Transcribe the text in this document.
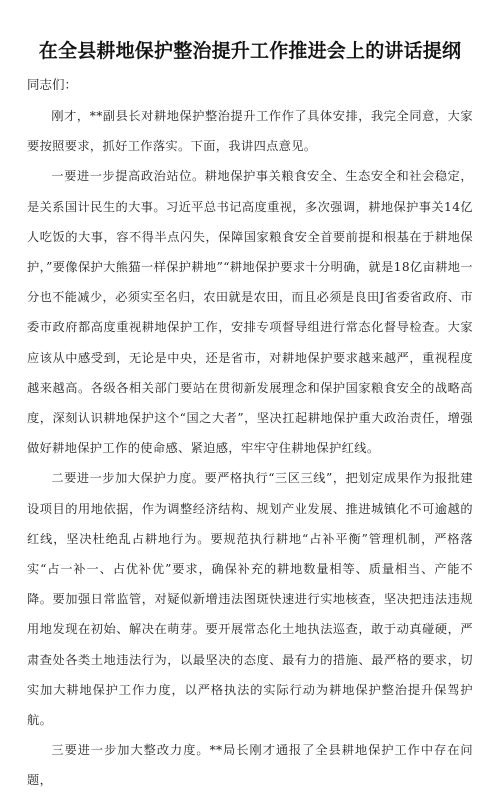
在全县耕地保护整治提升工作推进会上的讲话提纲
同志们：

刚才，**副县长对耕地保护整治提升工作作了具体安排，我完全同意，大家要按照要求，抓好工作落实。下面，我讲四点意见。

一要进一步提高政治站位。耕地保护事关粮食安全、生态安全和社会稳定，是关系国计民生的大事。习近平总书记高度重视，多次强调，耕地保护事关14亿人吃饭的大事，容不得半点闪失，保障国家粮食安全首要前提和根基在于耕地保护，”要像保护大熊猫一样保护耕地”“耕地保护要求十分明确，就是18亿亩耕地一分也不能减少，必须实至名归，农田就是农田，而且必须是良田J省委省政府、市委市政府都高度重视耕地保护工作，安排专项督导组进行常态化督导检查。大家应该从中感受到，无论是中央，还是省市，对耕地保护要求越来越严，重视程度越来越高。各级各相关部门要站在贯彻新发展理念和保护国家粮食安全的战略高度，深刻认识耕地保护这个“国之大者”，坚决扛起耕地保护重大政治责任，增强做好耕地保护工作的使命感、紧迫感，牢牢守住耕地保护红线。

二要进一步加大保护力度。要严格执行“三区三线”，把划定成果作为报批建设项目的用地依据，作为调整经济结构、规划产业发展、推进城镇化不可逾越的红线，坚决杜绝乱占耕地行为。要规范执行耕地“占补平衡”管理机制，严格落实“占一补一、占优补优”要求，确保补充的耕地数量相等、质量相当、产能不降。要加强日常监管，对疑似新增违法图斑快速进行实地核查，坚决把违法违规用地发现在初始、解决在萌芽。要开展常态化土地执法巡查，敢于动真碰硬，严肃查处各类土地违法行为，以最坚决的态度、最有力的措施、最严格的要求，切实加大耕地保护工作力度，以严格执法的实际行动为耕地保护整治提升保驾护航。

三要进一步加大整改力度。**局长刚才通报了全县耕地保护工作中存在问题，
